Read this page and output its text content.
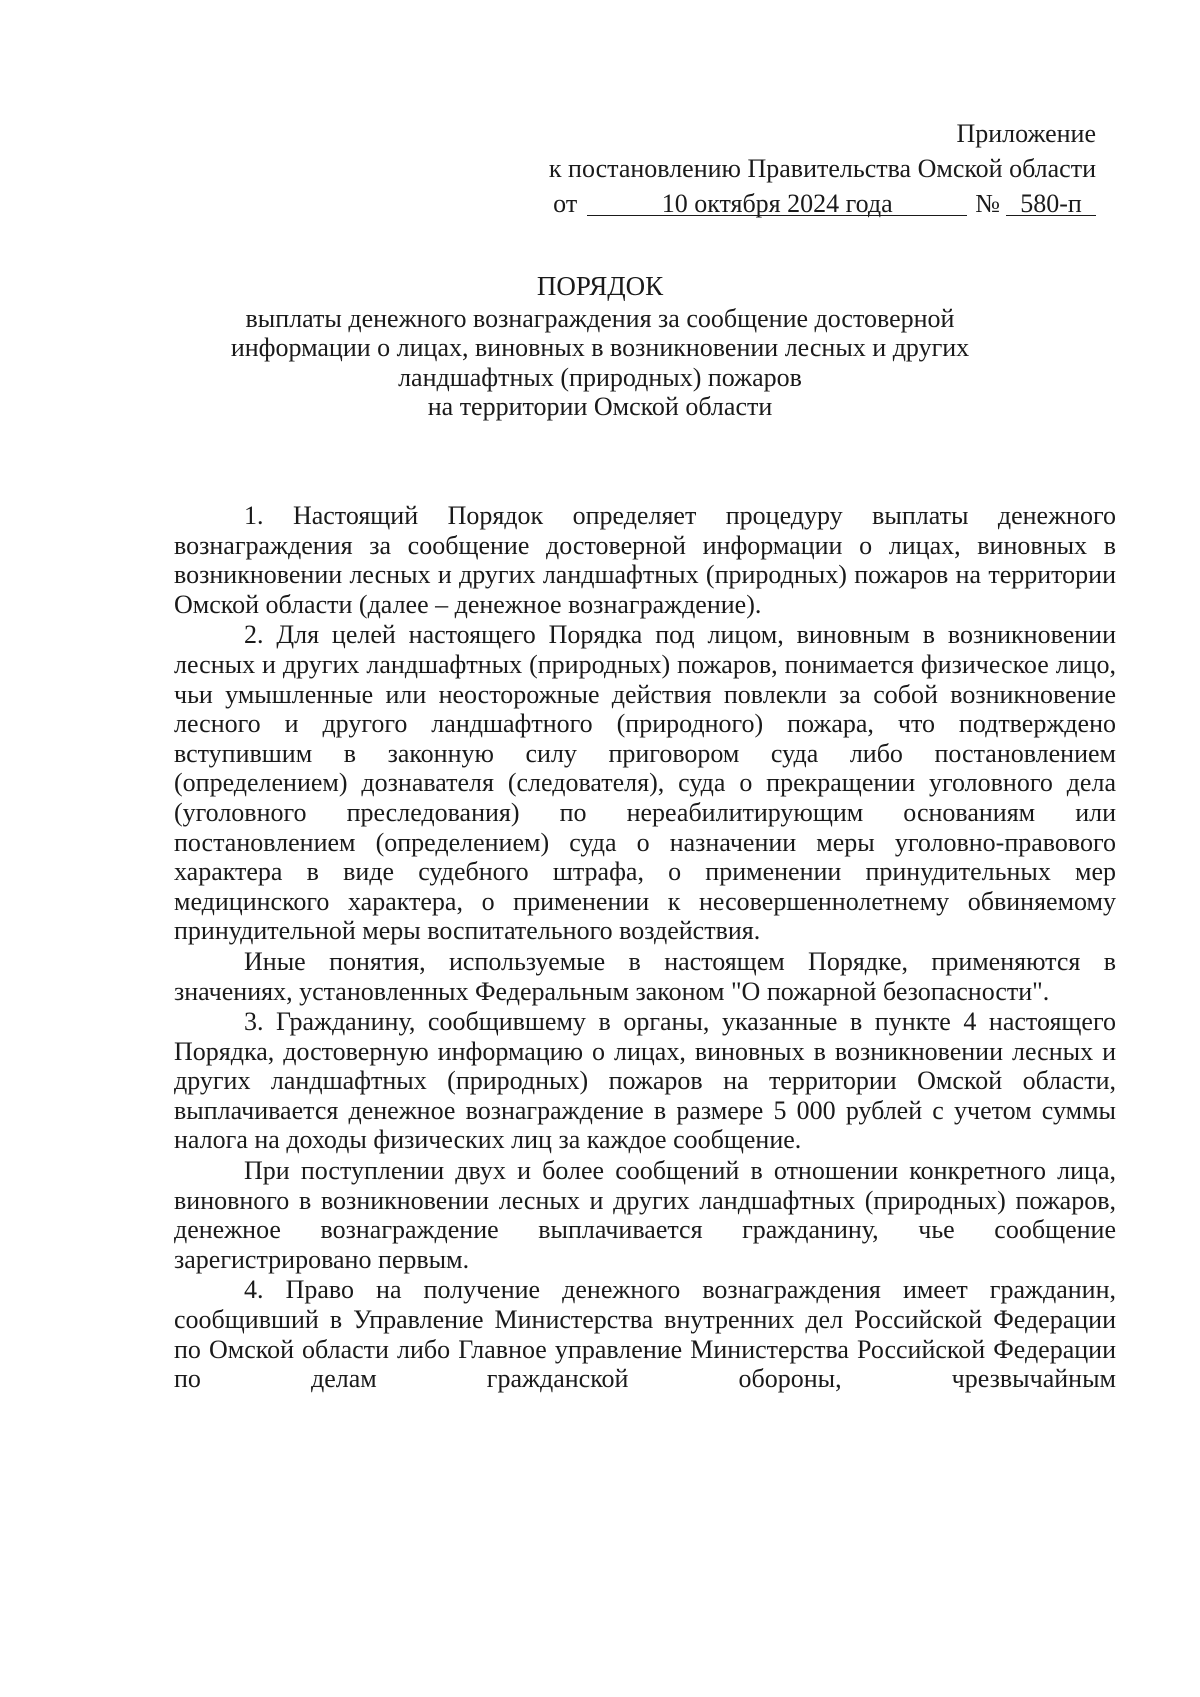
Приложение
к постановлению Правительства Омской области
от	10 октября 2024 года	№ 580-п
ПОРЯДОК
выплаты денежного вознаграждения за сообщение достоверной
информации о лицах, виновных в возникновении лесных и других
ландшафтных (природных) пожаров
на территории Омской области

1. Настоящий Порядок определяет процедуру выплаты денежного вознаграждения за сообщение достоверной информации о лицах, виновных в возникновении лесных и других ландшафтных (природных) пожаров на территории Омской области (далее – денежное вознаграждение).

2. Для целей настоящего Порядка под лицом, виновным в возникновении лесных и других ландшафтных (природных) пожаров, понимается физическое лицо, чьи умышленные или неосторожные действия повлекли за собой возникновение лесного и другого ландшафтного (природного) пожара, что подтверждено вступившим в законную силу приговором суда либо постановлением (определением) дознавателя (следователя), суда о прекращении уголовного дела (уголовного преследования) по нереабилитирующим основаниям или постановлением (определением) суда о назначении меры уголовно-правового характера в виде судебного штрафа, о применении принудительных мер медицинского характера, о применении к несовершеннолетнему обвиняемому принудительной меры воспитательного воздействия.

Иные понятия, используемые в настоящем Порядке, применяются в значениях, установленных Федеральным законом "О пожарной безопасности".

3. Гражданину, сообщившему в органы, указанные в пункте 4 настоящего Порядка, достоверную информацию о лицах, виновных в возникновении лесных и других ландшафтных (природных) пожаров на территории Омской области, выплачивается денежное вознаграждение в размере 5 000 рублей с учетом суммы налога на доходы физических лиц за каждое сообщение.

При поступлении двух и более сообщений в отношении конкретного лица, виновного в возникновении лесных и других ландшафтных (природных) пожаров, денежное вознаграждение выплачивается гражданину, чье сообщение зарегистрировано первым.

4. Право на получение денежного вознаграждения имеет гражданин, сообщивший в Управление Министерства внутренних дел Российской Федерации по Омской области либо Главное управление Министерства Российской Федерации по делам гражданской обороны, чрезвычайным
